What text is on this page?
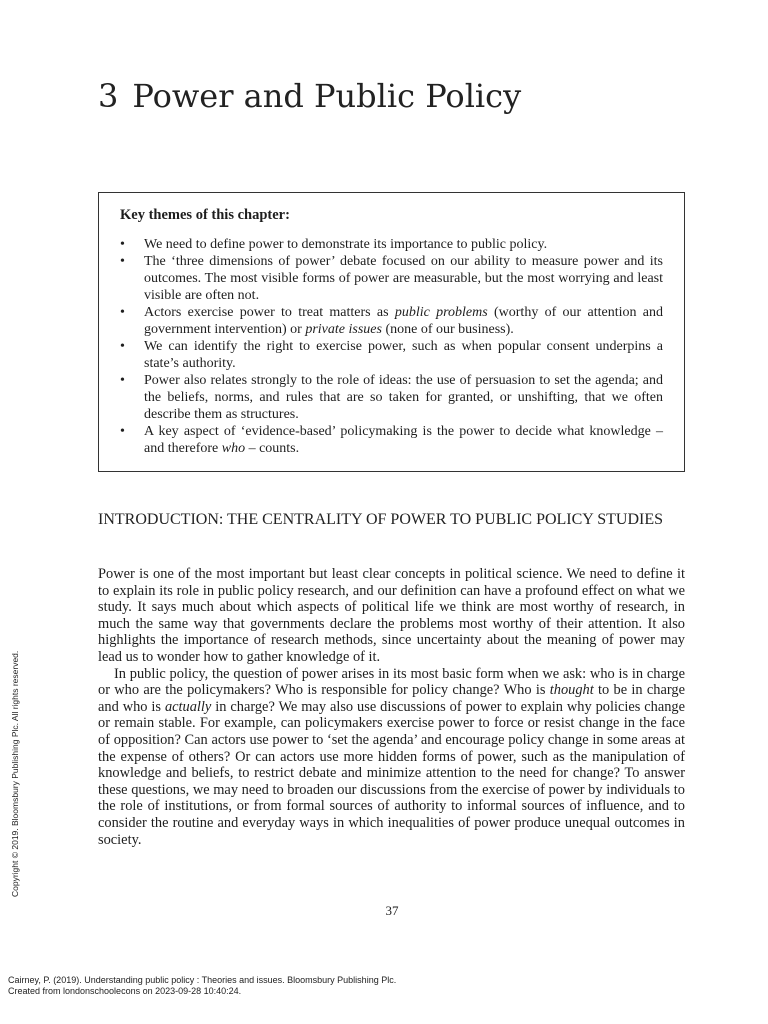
3 Power and Public Policy
Key themes of this chapter:
• We need to define power to demonstrate its importance to public policy.
• The ‘three dimensions of power’ debate focused on our ability to measure power and its outcomes. The most visible forms of power are measurable, but the most worrying and least visible are often not.
• Actors exercise power to treat matters as public problems (worthy of our attention and government intervention) or private issues (none of our business).
• We can identify the right to exercise power, such as when popular consent underpins a state’s authority.
• Power also relates strongly to the role of ideas: the use of persuasion to set the agenda; and the beliefs, norms, and rules that are so taken for granted, or unshifting, that we often describe them as structures.
• A key aspect of ‘evidence-based’ policymaking is the power to decide what knowledge – and therefore who – counts.
INTRODUCTION: THE CENTRALITY OF POWER TO PUBLIC POLICY STUDIES

Power is one of the most important but least clear concepts in political science. We need to define it to explain its role in public policy research, and our definition can have a profound effect on what we study. It says much about which aspects of political life we think are most worthy of research, in much the same way that governments declare the problems most worthy of their attention. It also highlights the importance of research methods, since uncertainty about the meaning of power may lead us to wonder how to gather knowledge of it.

In public policy, the question of power arises in its most basic form when we ask: who is in charge or who are the policymakers? Who is responsible for policy change? Who is thought to be in charge and who is actually in charge? We may also use discussions of power to explain why policies change or remain stable. For example, can policymakers exercise power to force or resist change in the face of opposition? Can actors use power to ‘set the agenda’ and encourage policy change in some areas at the expense of others? Or can actors use more hidden forms of power, such as the manipulation of knowledge and beliefs, to restrict debate and minimize attention to the need for change? To answer these questions, we may need to broaden our discussions from the exercise of power by individuals to the role of institutions, or from formal sources of authority to informal sources of influence, and to consider the routine and everyday ways in which inequalities of power produce unequal outcomes in society.

37
Copyright © 2019. Bloomsbury Publishing Plc. All rights reserved.
Cairney, P. (2019). Understanding public policy : Theories and issues. Bloomsbury Publishing Plc.
Created from londonschoolecons on 2023-09-28 10:40:24.
